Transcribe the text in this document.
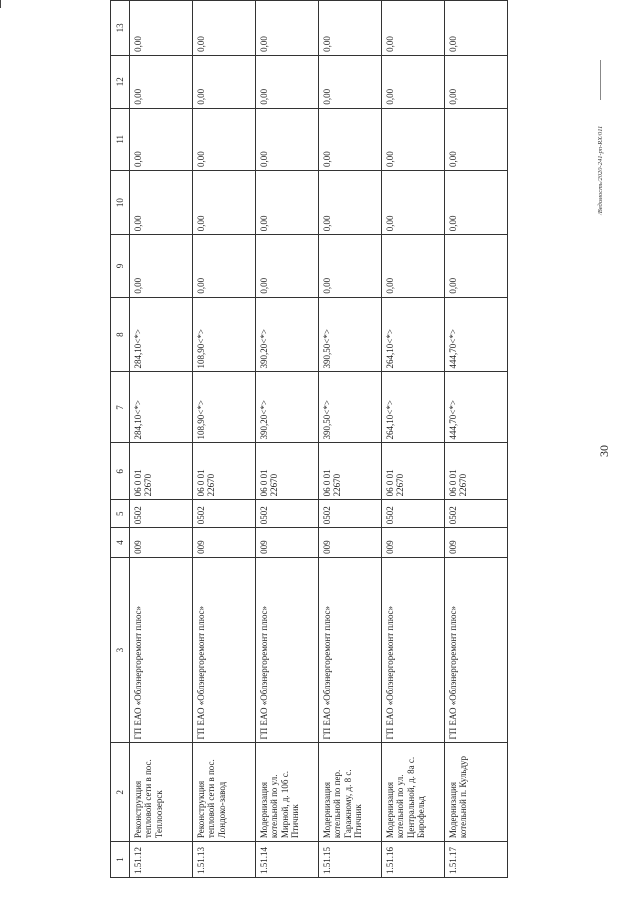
30
1	2	3	4	5	6	7	8	9	10	11	12	13
1.51.12	Реконструкция тепловой сети в пос. Теплоозерск	ГП ЕАО «Облэнергоремонт плюс»	009	0502	06 0 01 22670	284,10<*>	284,10<*>	0,00	0,00	0,00	0,00	0,00
1.51.13	Реконструкция тепловой сети в пос. Лондоко-завод	ГП ЕАО «Облэнергоремонт плюс»	009	0502	06 0 01 22670	108,90<*>	108,90<*>	0,00	0,00	0,00	0,00	0,00
1.51.14	Модернизация котельной по ул. Мирной, д. 10б с. Птичник	ГП ЕАО «Облэнергоремонт плюс»	009	0502	06 0 01 22670	390,20<*>	390,20<*>	0,00	0,00	0,00	0,00	0,00
1.51.15	Модернизация котельной по пер. Гаражному, д. 8 с. Птичник	ГП ЕАО «Облэнергоремонт плюс»	009	0502	06 0 01 22670	390,50<*>	390,50<*>	0,00	0,00	0,00	0,00	0,00
1.51.16	Модернизация котельной по ул. Центральной, д. 8а с. Бирофельд	ГП ЕАО «Облэнергоремонт плюс»	009	0502	06 0 01 22670	264,10<*>	264,10<*>	0,00	0,00	0,00	0,00	0,00
1.51.17	Модернизация котельной п. Кульдур	ГП ЕАО «Облэнергоремонт плюс»	009	0502	06 0 01 22670	444,70<*>	444,70<*>	0,00	0,00	0,00	0,00	0,00
/Ведомость/2020-241-pn-RX/011
